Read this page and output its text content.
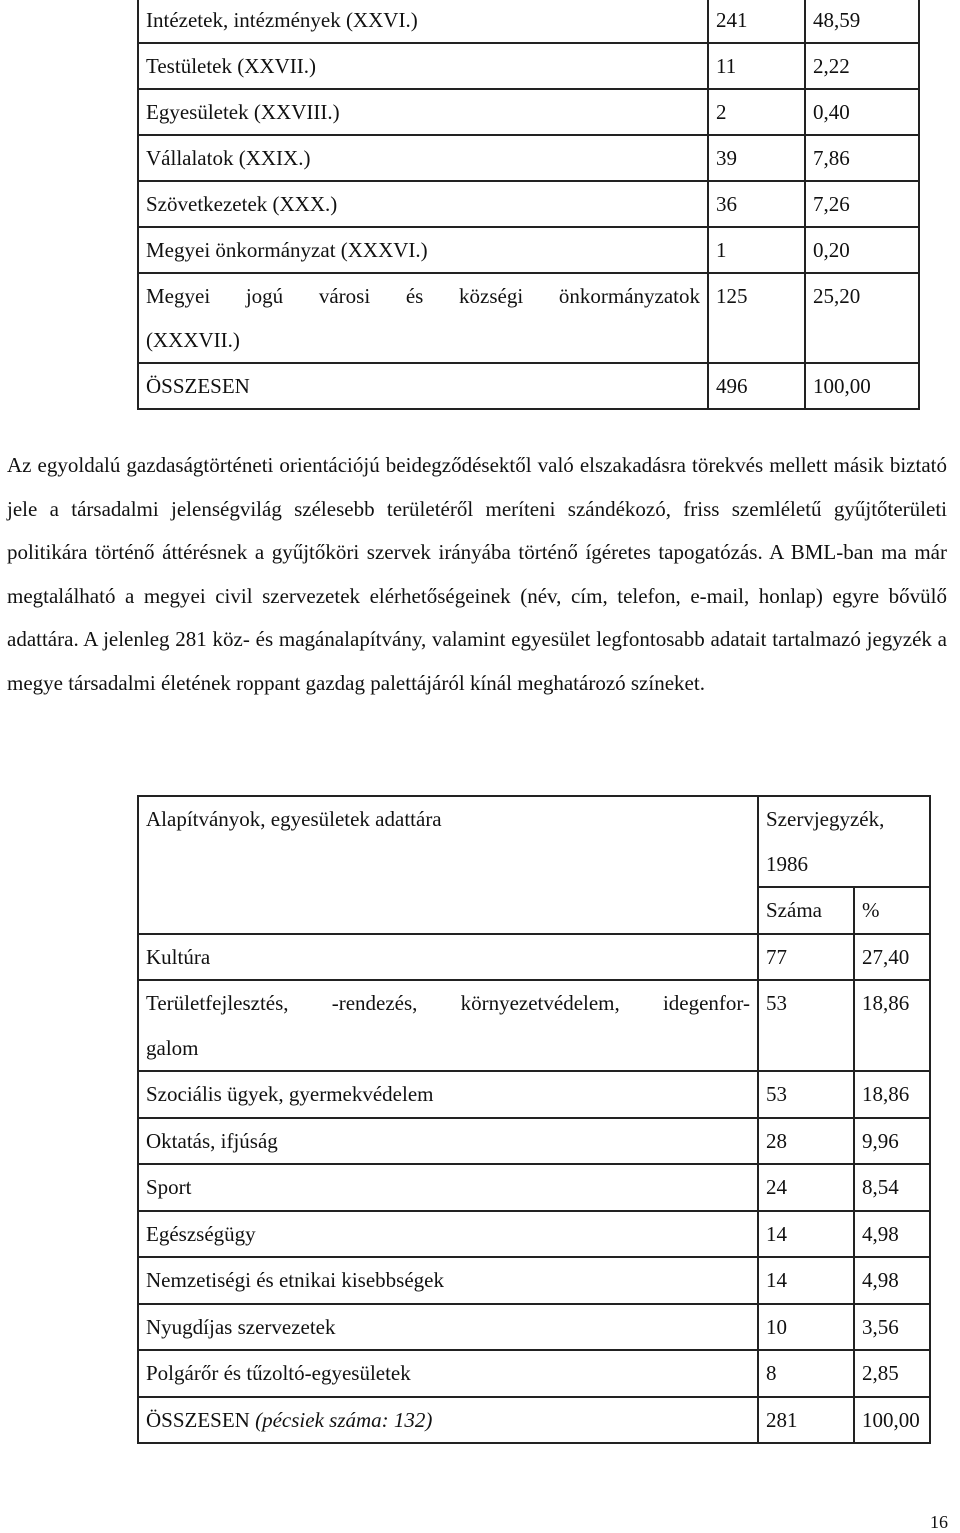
Intézetek, intézmények (XXVI.)	241	48,59
Testületek (XXVII.)	11	2,22
Egyesületek (XXVIII.)	2	0,40
Vállalatok (XXIX.)	39	7,86
Szövetkezetek (XXX.)	36	7,26
Megyei önkormányzat (XXXVI.)	1	0,20

Megyei jogú városi és községi önkormányzatok
(XXXVII.)	125	25,20
ÖSSZESEN	496	100,00

Az egyoldalú gazdaságtörténeti orientációjú beidegződésektől való elszakadásra törekvés mellett másik biztató jele a társadalmi jelenségvilág szélesebb területéről meríteni szándékozó, friss szemléletű gyűjtőterületi politikára történő áttérésnek a gyűjtőköri szervek irányába történő ígéretes tapogatózás. A BML-ban ma már megtalálható a megyei civil szervezetek elérhetőségeinek (név, cím, telefon, e-mail, honlap) egyre bővülő adattára. A jelenleg 281 köz- és magánalapítvány, valamint egyesület legfontosabb adatait tartalmazó jegyzék a megye társadalmi életének roppant gazdag palettájáról kínál meghatározó színeket.

Alapítványok, egyesületek adattára	Szervjegyzék,
1986	

	Száma	%
Kultúra	77	27,40

Területfejlesztés, -rendezés, környezetvédelem, idegenfor-
galom	53	18,86
Szociális ügyek, gyermekvédelem	53	18,86
Oktatás, ifjúság	28	9,96
Sport	24	8,54
Egészségügy	14	4,98
Nemzetiségi és etnikai kisebbségek	14	4,98
Nyugdíjas szervezetek	10	3,56
Polgárőr és tűzoltó-egyesületek	8	2,85
ÖSSZESEN (pécsiek száma: 132)	281	100,00
16
